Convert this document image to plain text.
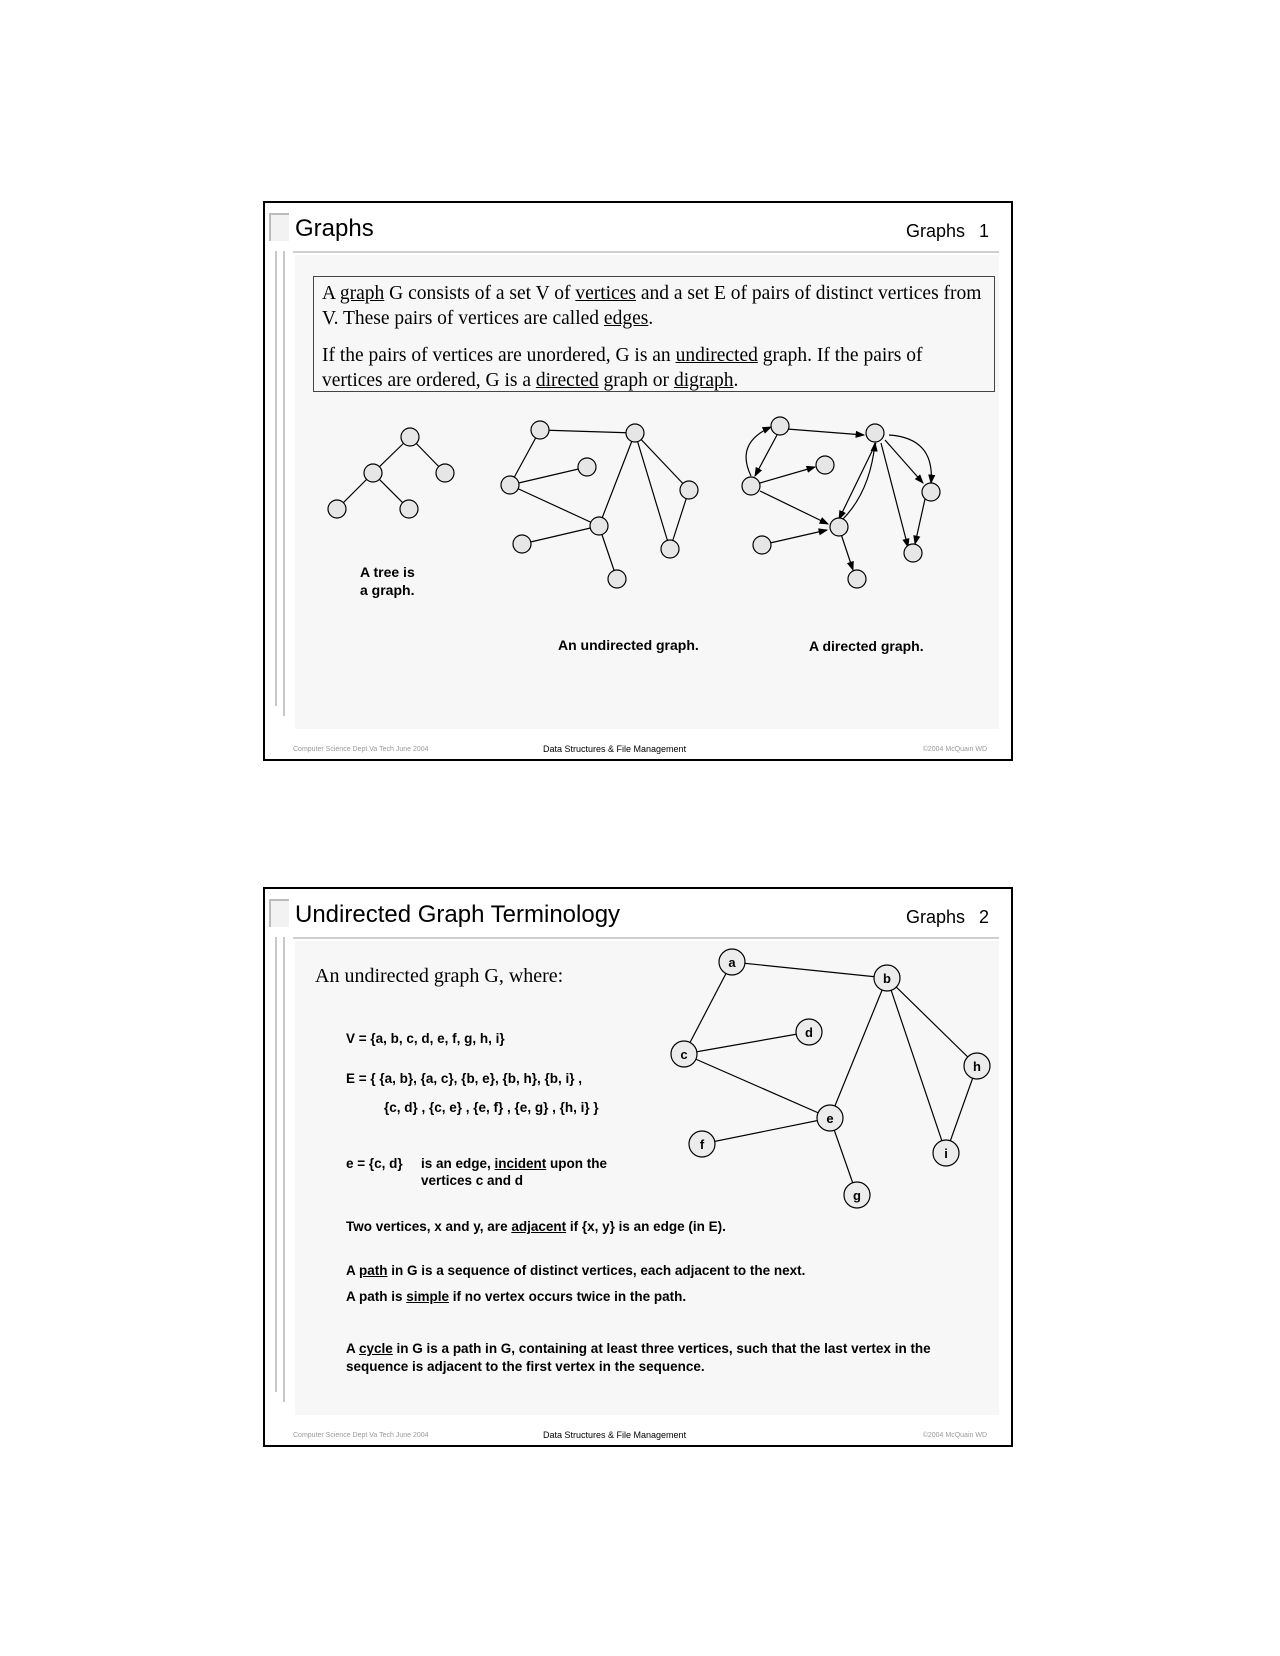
Graphs	Graphs 1

A graph G consists of a set V of vertices and a set E of pairs of distinct vertices from V. These pairs of vertices are called edges.

If the pairs of vertices are unordered, G is an undirected graph. If the pairs of vertices are ordered, G is a directed graph or digraph.

A tree is
a graph.
An undirected graph.	A directed graph.
Computer Science Dept Va Tech June 2004	Data Structures & File Management	©2004 McQuain WD
Undirected Graph Terminology	Graphs 2
An undirected graph G, where:
V = {a, b, c, d, e, f, g, h, i}
E = { {a, b}, {a, c}, {b, e}, {b, h}, {b, i} ,
{c, d} , {c, e} , {e, f} , {e, g} , {h, i} }
e = {c, d} is an edge, incident upon the
vertices c and d
Two vertices, x and y, are adjacent if {x, y} is an edge (in E).
A path in G is a sequence of distinct vertices, each adjacent to the next.
A path is simple if no vertex occurs twice in the path.
A cycle in G is a path in G, containing at least three vertices, such that the last vertex in the sequence is adjacent to the first vertex in the sequence.
a
b
c
d
e
f
g
h
i
Computer Science Dept Va Tech June 2004	Data Structures & File Management	©2004 McQuain WD
